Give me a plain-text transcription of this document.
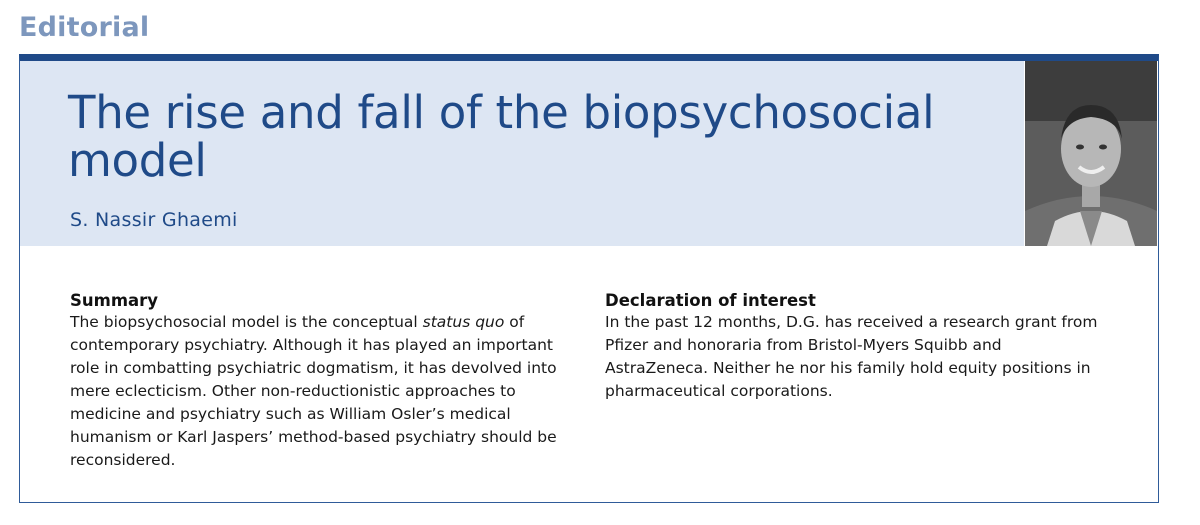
Editorial
The rise and fall of the biopsychosocial model
S. Nassir Ghaemi
Summary

The biopsychosocial model is the conceptual status quo of contemporary psychiatry. Although it has played an important role in combatting psychiatric dogmatism, it has devolved into mere eclecticism. Other non-reductionistic approaches to medicine and psychiatry such as William Osler’s medical humanism or Karl Jaspers’ method-based psychiatry should be reconsidered.

Declaration of interest

In the past 12 months, D.G. has received a research grant from Pfizer and honoraria from Bristol-Myers Squibb and AstraZeneca. Neither he nor his family hold equity positions in pharmaceutical corporations.
